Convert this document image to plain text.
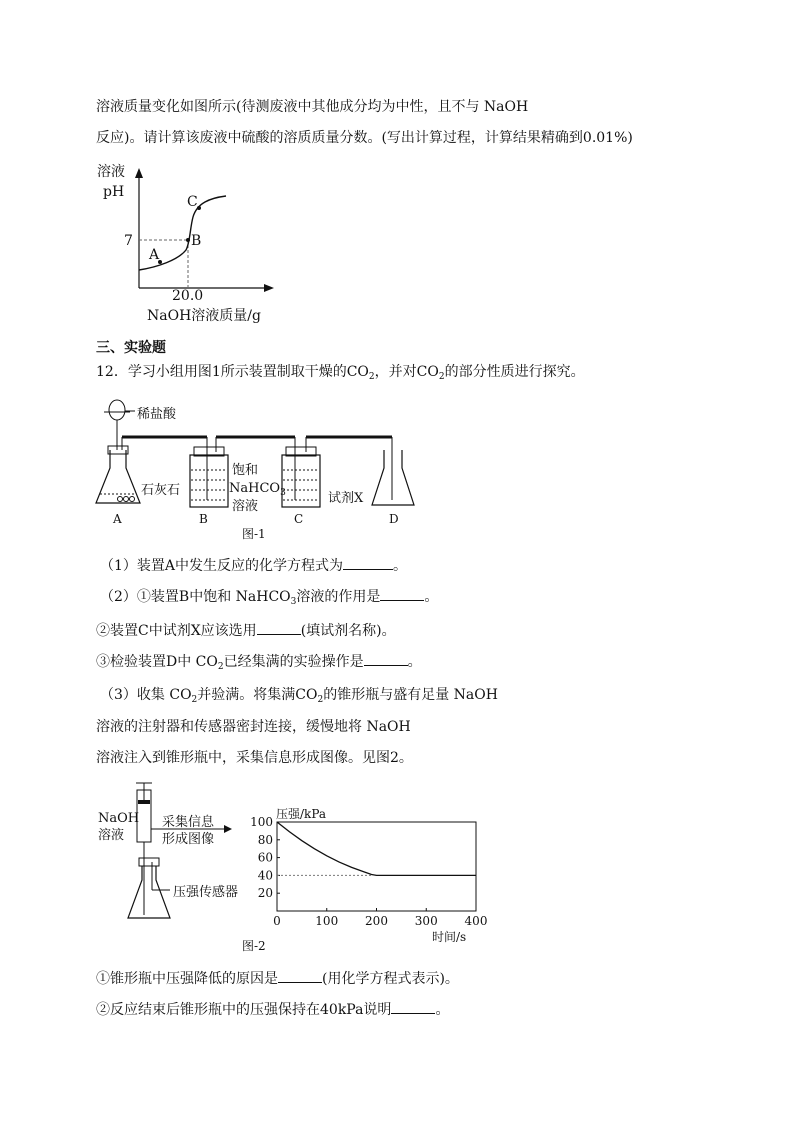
溶液质量变化如图所示(待测废液中其他成分均为中性，且不与 NaOH
反应)。请计算该废液中硫酸的溶质质量分数。(写出计算过程，计算结果精确到0.01%)
溶液
pH
A
B
C
7
20.0
NaOH溶液质量/g
三、实验题
12．学习小组用图1所示装置制取干燥的$CO_2$，并对$CO_2$的部分性质进行探究。
稀盐酸
石灰石
饱和
NaHCO$_3$
溶液
试剂X
A	B	C	D
图-1
（1）装置A中发生反应的化学方程式为	。
（2）①装置B中饱和 NaHCO$_3$溶液的作用是	。
②装置C中试剂X应该选用	(填试剂名称)。
③检验装置D中 $CO_2$已经集满的实验操作是	。
（3）收集 $CO_2$并验满。将集满$CO_2$的锥形瓶与盛有足量 NaOH
溶液的注射器和传感器密封连接，缓慢地将 NaOH
溶液注入到锥形瓶中，采集信息形成图像。见图2。
NaOH
溶液
采集信息
形成图像
压强传感器
图-2
压强/kPa
20
40
60
80
100
0	100 200 300 400
时间/s
①锥形瓶中压强降低的原因是	(用化学方程式表示)。
②反应结束后锥形瓶中的压强保持在40kPa说明	。
